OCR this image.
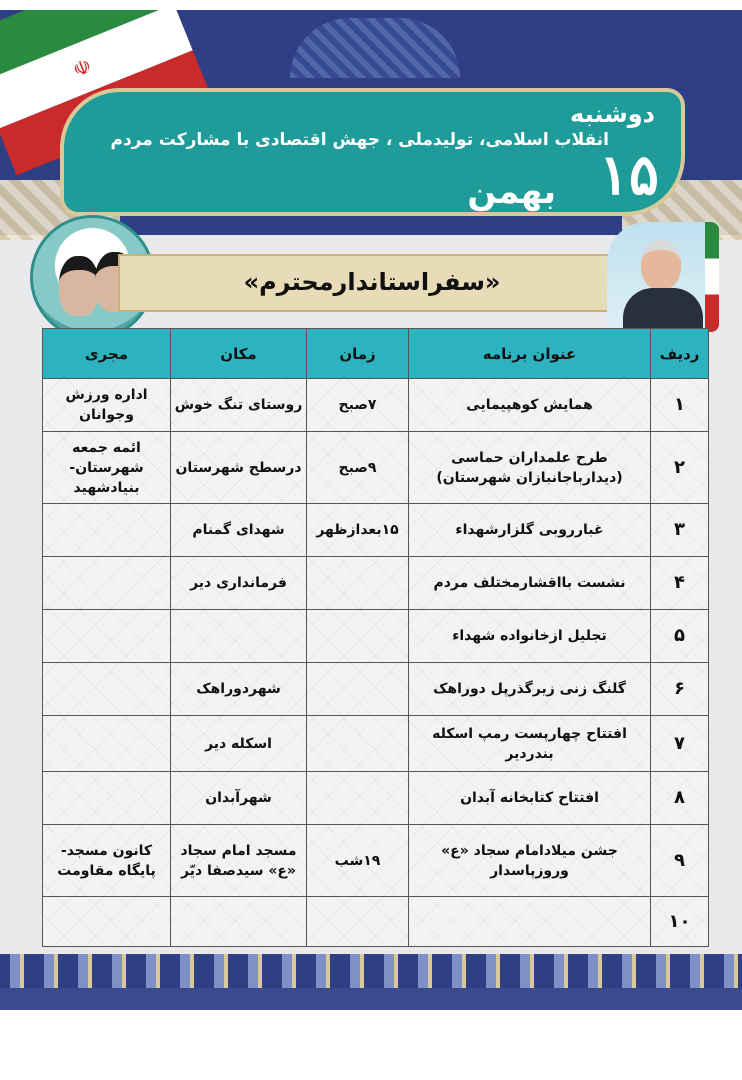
☫
دوشنبه
انقلاب اسلامی، تولیدملی ، جهش اقتصادی با مشارکت مردم
۱۵
بهمن
«سفراستاندارمحترم»
ردیف	عنوان برنامه	زمان	مکان	مجری
۱	همایش کوهپیمایی	۷صبح	روستای تنگ خوش	اداره ورزش وجوانان
۲	طرح علمداران حماسی (دیداربا‌جانبازان شهرستان)	۹صبح	درسطح شهرستان	ائمه جمعه شهرستان-بنیادشهید
۳	غبارروبی گلزارشهداء	۱۵بعدازظهر	شهدای گمنام	
۴	نشست بااقشارمختلف مردم		فرمانداری دیر	
۵	تجلیل ازخانواده شهداء			
۶	گلنگ زنی زیرگذرپل دوراهک		شهردوراهک	
۷	افتتاح چهارپست رمپ اسکله بندردیر		اسکله دیر	
۸	افتتاح کتابخانه آبدان		شهرآبدان	
۹	جشن میلادامام سجاد «ع» وروزپاسدار	۱۹شب	مسجد امام سجاد «ع» سیدصفا دیّر	کانون مسجد-پایگاه مقاومت
۱۰				
